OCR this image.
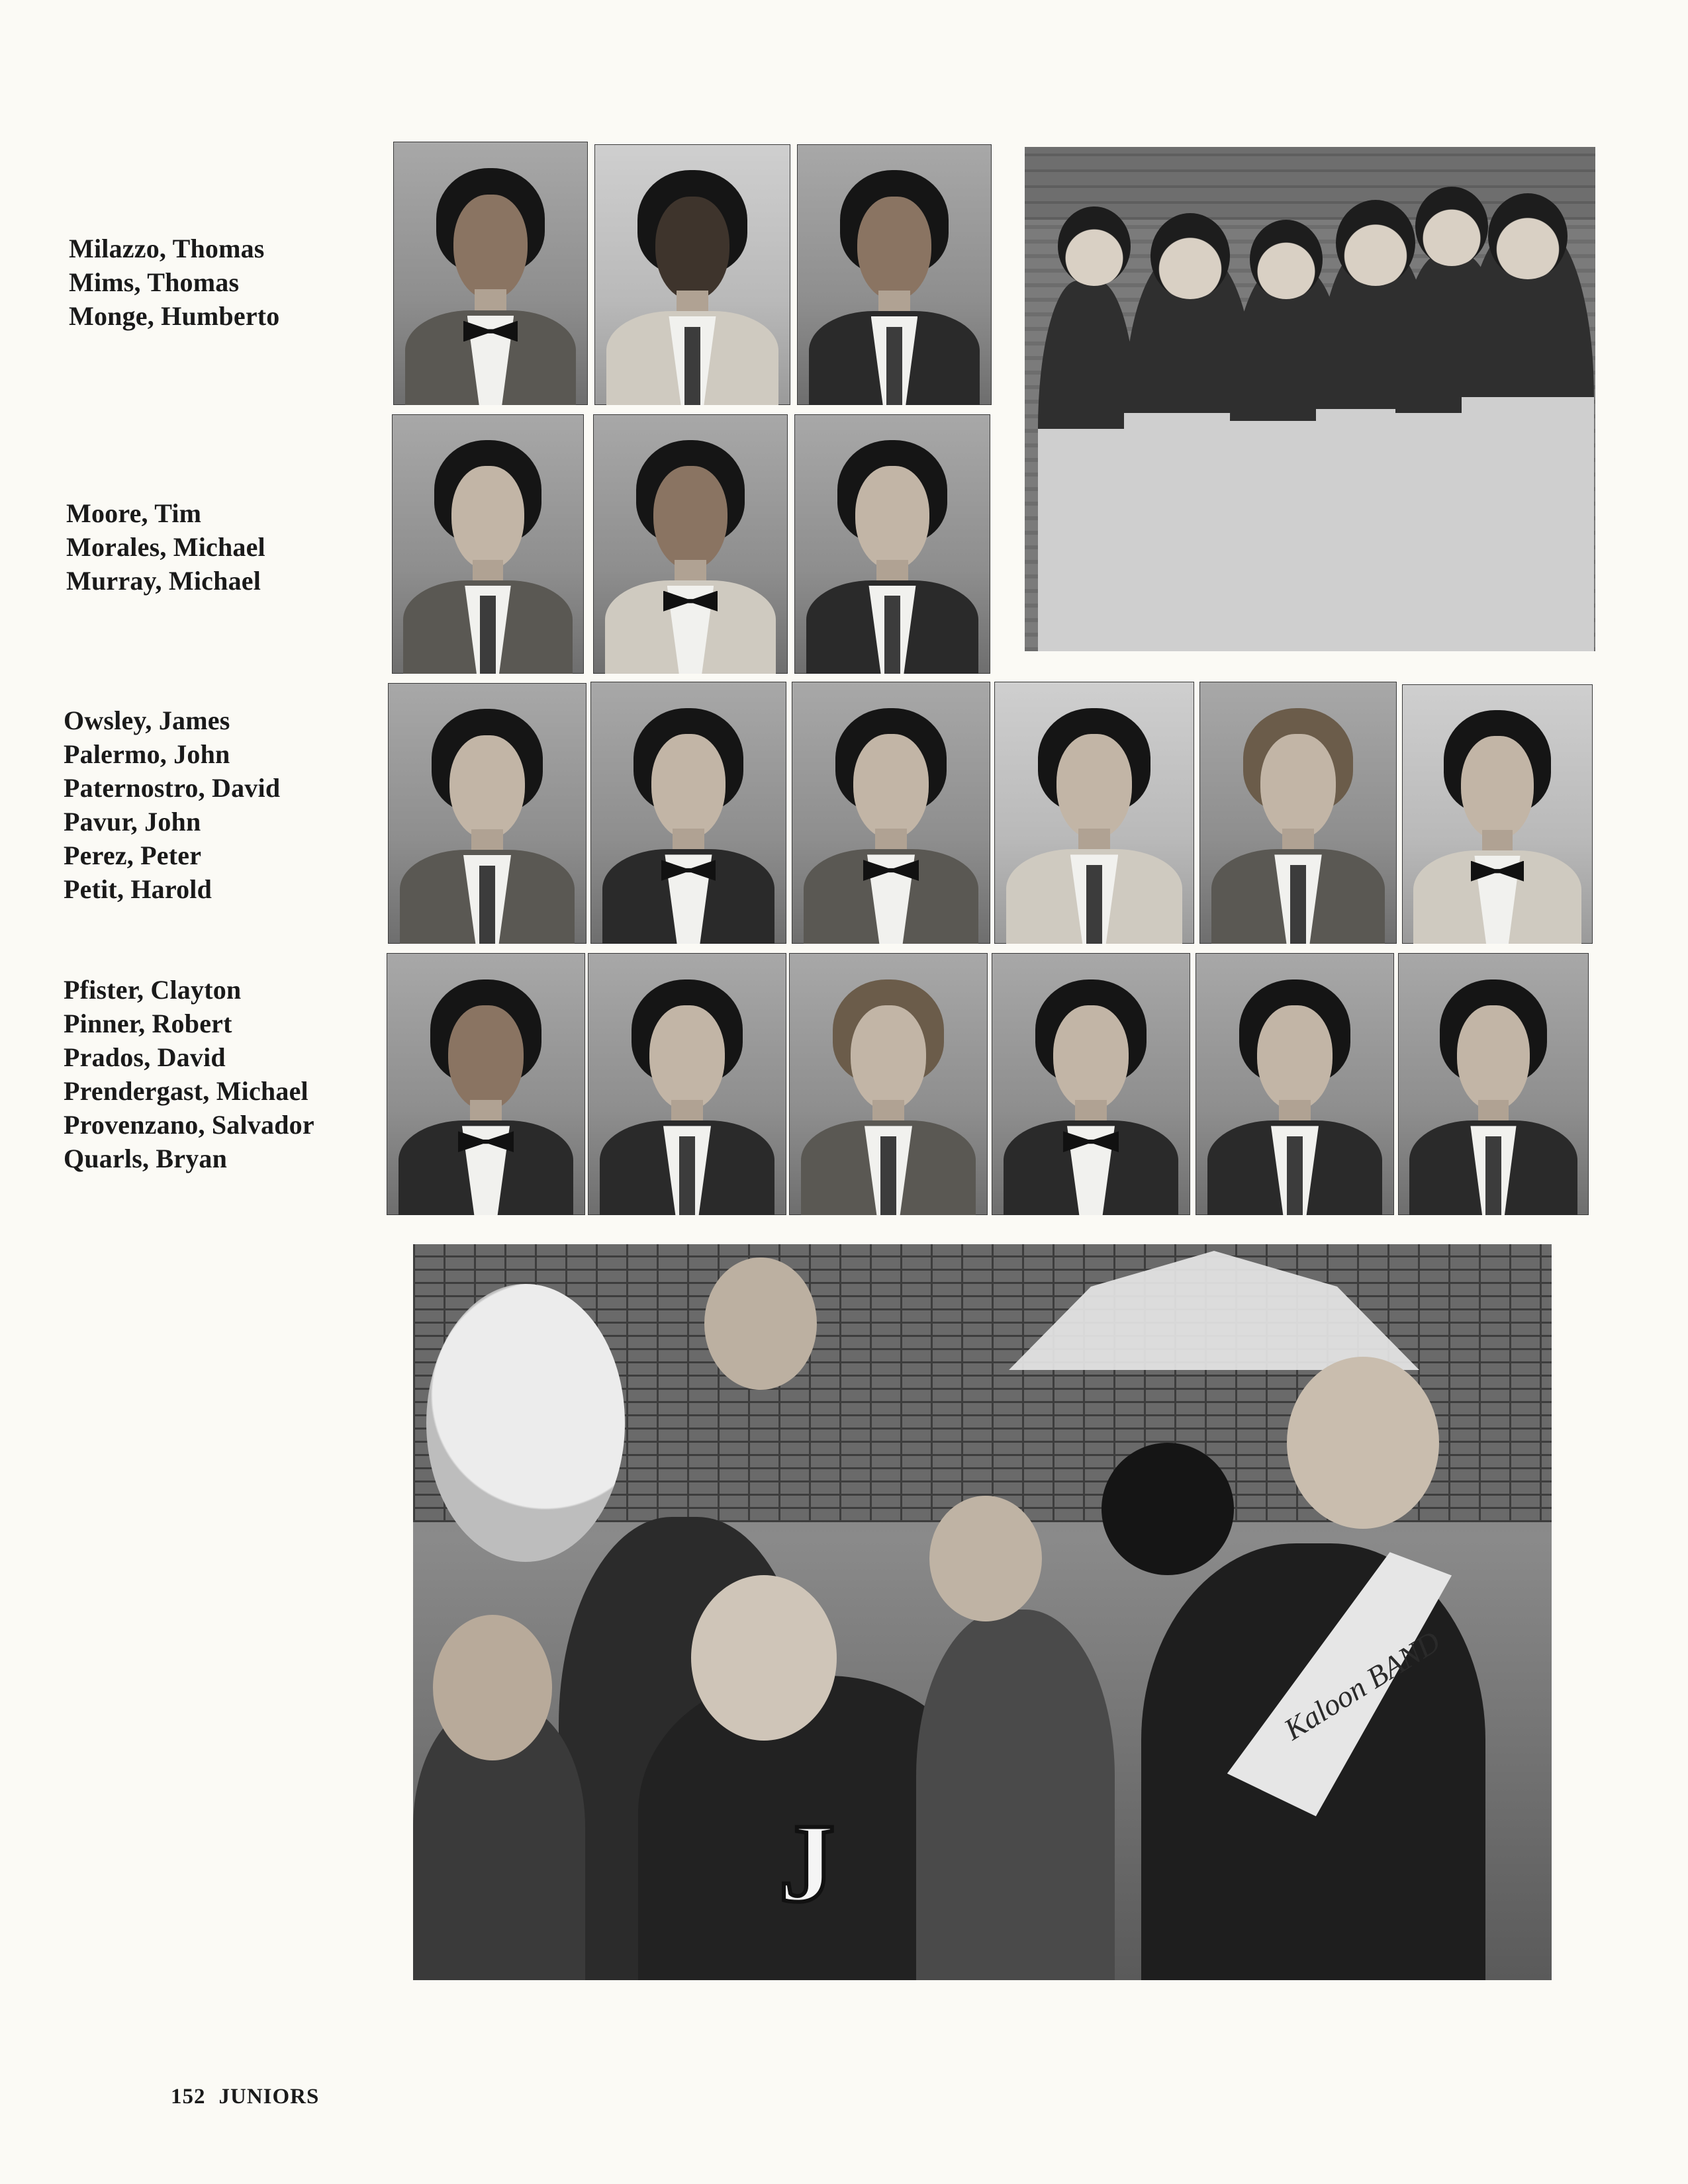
Milazzo, Thomas
Mims, Thomas
Monge, Humberto
Moore, Tim
Morales, Michael
Murray, Michael
Owsley, James
Palermo, John
Paternostro, David
Pavur, John
Perez, Peter
Petit, Harold
Pfister, Clayton
Pinner, Robert
Prados, David
Prendergast, Michael
Provenzano, Salvador
Quarls, Bryan
Kaloon BAND
J
152 JUNIORS
